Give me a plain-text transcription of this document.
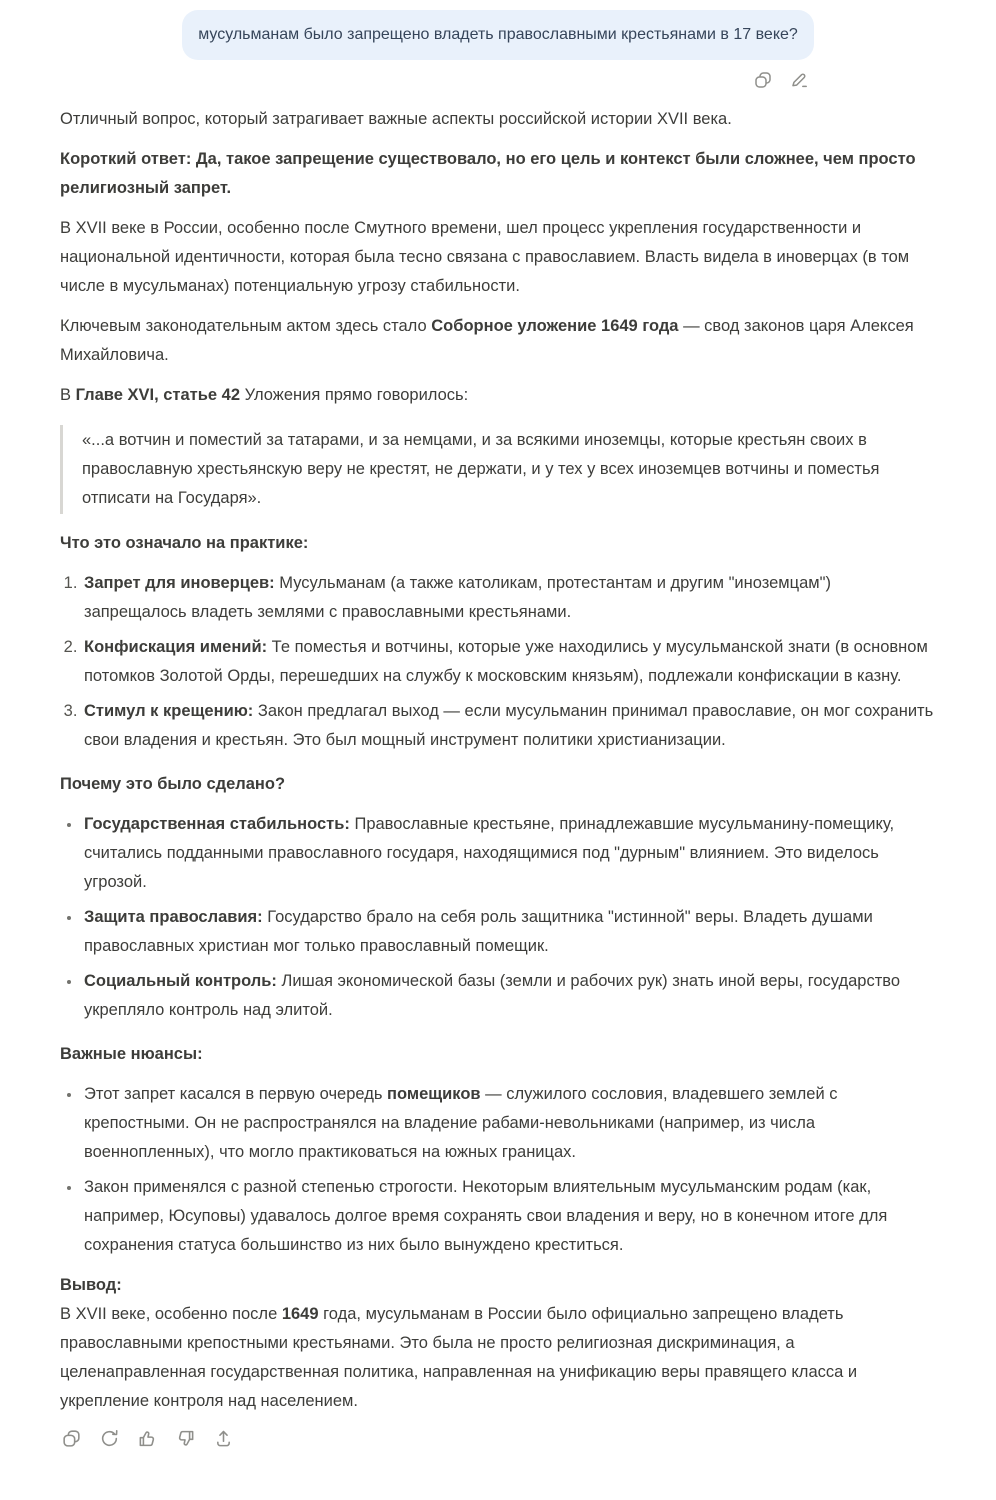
мусульманам было запрещено владеть православными крестьянами в 17 веке?

Отличный вопрос, который затрагивает важные аспекты российской истории XVII века.

Короткий ответ: Да, такое запрещение существовало, но его цель и контекст были сложнее, чем просто религиозный запрет.

В XVII веке в России, особенно после Смутного времени, шел процесс укрепления государственности и национальной идентичности, которая была тесно связана с православием. Власть видела в иноверцах (в том числе в мусульманах) потенциальную угрозу стабильности.

Ключевым законодательным актом здесь стало Соборное уложение 1649 года — свод законов царя Алексея Михайловича.

В Главе XVI, статье 42 Уложения прямо говорилось:

«...а вотчин и поместий за татарами, и за немцами, и за всякими иноземцы, которые крестьян своих в православную хрестьянскую веру не крестят, не держати, и у тех у всех иноземцев вотчины и поместья отписати на Государя».

Что это означало на практике:

1. Запрет для иноверцев: Мусульманам (а также католикам, протестантам и другим "иноземцам") запрещалось владеть землями с православными крестьянами.
2. Конфискация имений: Те поместья и вотчины, которые уже находились у мусульманской знати (в основном потомков Золотой Орды, перешедших на службу к московским князьям), подлежали конфискации в казну.
3. Стимул к крещению: Закон предлагал выход — если мусульманин принимал православие, он мог сохранить свои владения и крестьян. Это был мощный инструмент политики христианизации.

Почему это было сделано?

• Государственная стабильность: Православные крестьяне, принадлежавшие мусульманину-помещику, считались подданными православного государя, находящимися под "дурным" влиянием. Это виделось угрозой.
• Защита православия: Государство брало на себя роль защитника "истинной" веры. Владеть душами православных христиан мог только православный помещик.
• Социальный контроль: Лишая экономической базы (земли и рабочих рук) знать иной веры, государство укрепляло контроль над элитой.

Важные нюансы:

• Этот запрет касался в первую очередь помещиков — служилого сословия, владевшего землей с крепостными. Он не распространялся на владение рабами-невольниками (например, из числа военнопленных), что могло практиковаться на южных границах.
• Закон применялся с разной степенью строгости. Некоторым влиятельным мусульманским родам (как, например, Юсуповы) удавалось долгое время сохранять свои владения и веру, но в конечном итоге для сохранения статуса большинство из них было вынуждено креститься.

Вывод:

В XVII веке, особенно после 1649 года, мусульманам в России было официально запрещено владеть православными крепостными крестьянами. Это была не просто религиозная дискриминация, а целенаправленная государственная политика, направленная на унификацию веры правящего класса и укрепление контроля над населением.
